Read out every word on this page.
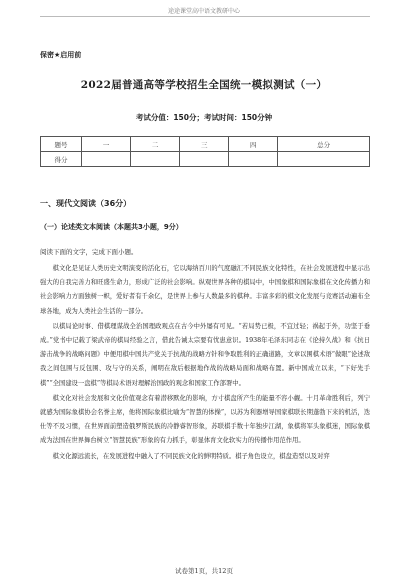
途途课堂高中语文教研中心
保密★启用前
2022届普通高等学校招生全国统一模拟测试（一）
考试分值：150分；考试时间：150分钟
题号	一	二	三	四	总分
得分					
一、现代文阅读（36分）
（一）论述类文本阅读（本题共3小题，9分）
阅读下面的文字，完成下面小题。

棋文化是见证人类历史文明演变的活化石，它以海纳百川的气度融汇不同民族文化特性，在社会发展进程中显示出强大的自我完善力和旺盛生命力，形成广泛的社会影响。纵观世界各种的棋局中，中国象棋和国际象棋在文化传播力和社会影响力方面独树一帜，爱好者有千余亿，是世界上参与人数最多的棋种。丰富多彩的棋文化发展与竞赛活动遍布全球各地，成为人类社会生活的一部分。

以棋局论时事、借棋理谋战全治国理政观点在古今中外屡有可见。“若局势已极，不宜过轻；祸起于外，功坚于垂成。”党书中记载了梁武帝的棋局经验之言，借此告诫太宗要有忧患意识。1938年毛泽东同志在《论持久战》和《抗日游击战争的战略问题》中便用棋中国共产党关于抗战的战略方针和争取胜利的正确道路，文章以围棋术语“做眼”论述敌我之间包围与反包围、攻与守的关系，阐明在敌后根据地作战的战略局面和战略布置。新中国成立以来，“下好先手棋”“全国建设一盘棋”等棋局术语对理解治国政的观念和国家工作部署中。

棋文化对社会发展和文化价值观念有着潜移默化的影响，方寸棋盘所产生的能量不容小觑。十月革命胜利后，列宁就感为国际象棋协会名誉主席，他将国际象棋比喻为“智慧的体操”，以苏为利器增导国家棋联长期蓬勃下来的机活，迭仕等不及习惯，在世界面前塑造俄罗斯民族的冷静睿智形象，苏联棋手数十年独步江湖，象棋将军头象棋迷，国际象棋成为法国在世界舞台树立“智慧民族”形象的有力抓手，彰显体育文化软实力的传播作用范作用。

棋文化源远流长，在发展进程中融入了不同民族文化的鲜明特质。棋子角色设立，棋盘造型以及对弈

试卷第1页，共12页
